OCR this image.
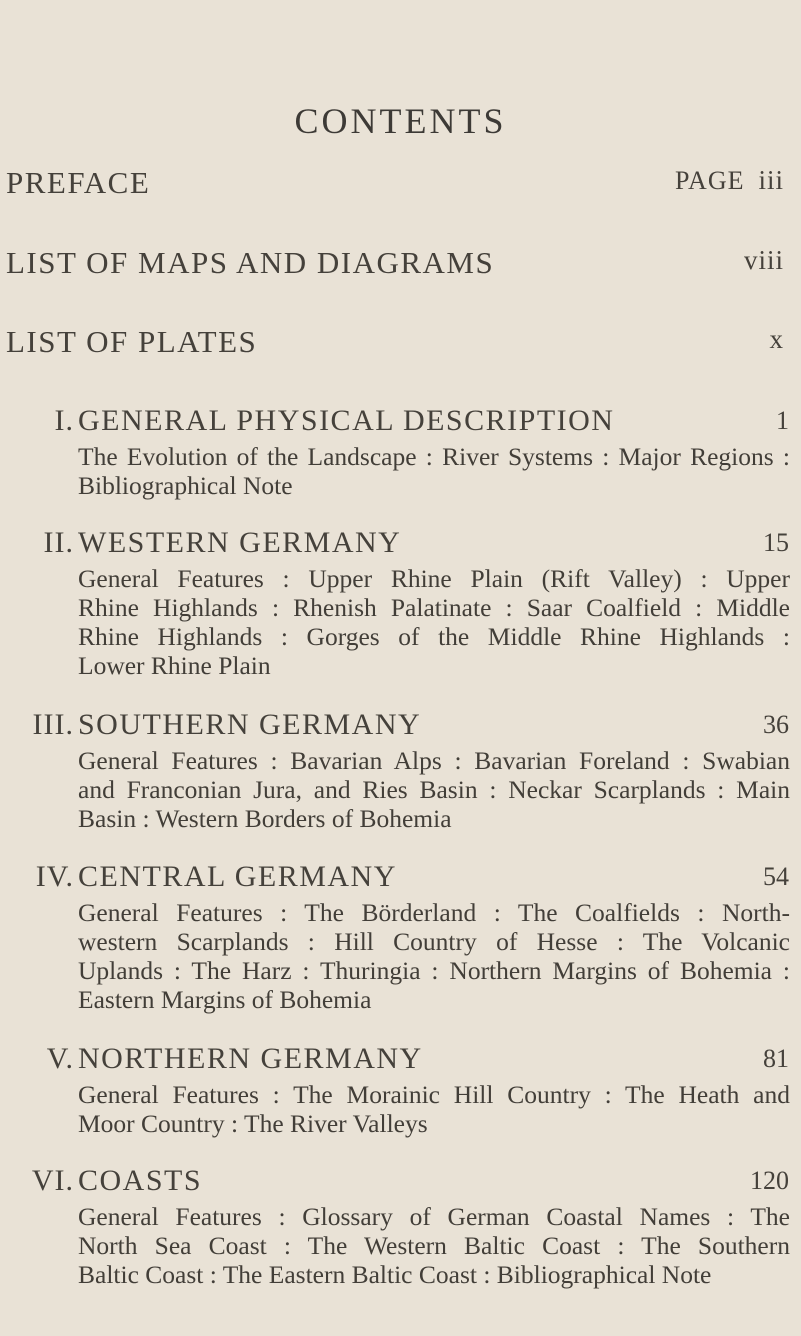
CONTENTS
PREFACE	PAGE iii
LIST OF MAPS AND DIAGRAMS	viii
LIST OF PLATES	x
I. GENERAL PHYSICAL DESCRIPTION	1
The Evolution of the Landscape : River Systems : Major Regions :
Bibliographical Note
II. WESTERN GERMANY	15
General Features : Upper Rhine Plain (Rift Valley) : Upper
Rhine Highlands : Rhenish Palatinate : Saar Coalfield : Middle
Rhine Highlands : Gorges of the Middle Rhine Highlands :
Lower Rhine Plain
III. SOUTHERN GERMANY	36
General Features : Bavarian Alps : Bavarian Foreland : Swabian
and Franconian Jura, and Ries Basin : Neckar Scarplands : Main
Basin : Western Borders of Bohemia
IV. CENTRAL GERMANY	54
General Features : The Börderland : The Coalfields : North-
western Scarplands : Hill Country of Hesse : The Volcanic
Uplands : The Harz : Thuringia : Northern Margins of Bohemia :
Eastern Margins of Bohemia
V. NORTHERN GERMANY	81
General Features : The Morainic Hill Country : The Heath and
Moor Country : The River Valleys
VI. COASTS	120
General Features : Glossary of German Coastal Names : The
North Sea Coast : The Western Baltic Coast : The Southern
Baltic Coast : The Eastern Baltic Coast : Bibliographical Note
